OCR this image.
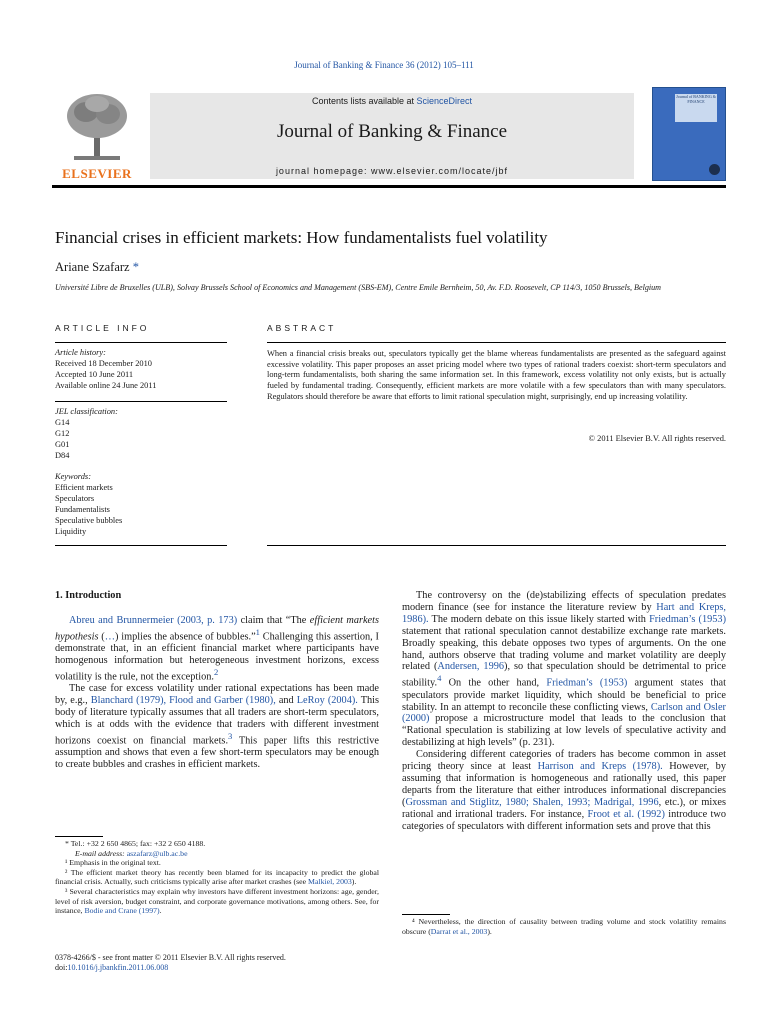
Journal of Banking & Finance 36 (2012) 105–111
ELSEVIER
Contents lists available at ScienceDirect
Journal of Banking & Finance
journal homepage: www.elsevier.com/locate/jbf
Journal of BANKING & FINANCE
Financial crises in efficient markets: How fundamentalists fuel volatility
Ariane Szafarz *
Université Libre de Bruxelles (ULB), Solvay Brussels School of Economics and Management (SBS-EM), Centre Emile Bernheim, 50, Av. F.D. Roosevelt, CP 114/3, 1050 Brussels, Belgium
ARTICLE INFO
Article history:
Received 18 December 2010
Accepted 10 June 2011
Available online 24 June 2011
JEL classification:
G14
G12
G01
D84
Keywords:
Efficient markets
Speculators
Fundamentalists
Speculative bubbles
Liquidity
ABSTRACT
When a financial crisis breaks out, speculators typically get the blame whereas fundamentalists are presented as the safeguard against excessive volatility. This paper proposes an asset pricing model where two types of rational traders coexist: short-term speculators and long-term fundamentalists, both sharing the same information set. In this framework, excess volatility not only exists, but is actually fueled by fundamental trading. Consequently, efficient markets are more volatile with a few speculators than with many speculators. Regulators should therefore be aware that efforts to limit rational speculation might, surprisingly, end up increasing volatility.
© 2011 Elsevier B.V. All rights reserved.
1. Introduction

Abreu and Brunnermeier (2003, p. 173) claim that “The efficient markets hypothesis (…) implies the absence of bubbles.”$^1$ Challenging this assertion, I demonstrate that, in an efficient financial market where participants have homogenous information but heterogeneous investment horizons, excess volatility is the rule, not the exception.$^2$

The case for excess volatility under rational expectations has been made by, e.g., Blanchard (1979), Flood and Garber (1980), and LeRoy (2004). This body of literature typically assumes that all traders are short-term speculators, which is at odds with the evidence that traders with different investment horizons coexist on financial markets.$^3$ This paper lifts this restrictive assumption and shows that even a few short-term speculators may be enough to create bubbles and crashes in efficient markets.

* Tel.: +32 2 650 4865; fax: +32 2 650 4188.
E-mail address: aszafarz@ulb.ac.be
¹ Emphasis in the original text.
² The efficient market theory has recently been blamed for its incapacity to predict the global financial crisis. Actually, such criticisms typically arise after market crashes (see Malkiel, 2003).
³ Several characteristics may explain why investors have different investment horizons: age, gender, level of risk aversion, budget constraint, and corporate governance motivations, among others. See, for instance, Bodie and Crane (1997).
0378-4266/$ - see front matter © 2011 Elsevier B.V. All rights reserved.
doi:10.1016/j.jbankfin.2011.06.008

The controversy on the (de)stabilizing effects of speculation predates modern finance (see for instance the literature review by Hart and Kreps, 1986). The modern debate on this issue likely started with Friedman’s (1953) statement that rational speculation cannot destabilize exchange rate markets. Broadly speaking, this debate opposes two types of arguments. On the one hand, authors observe that trading volume and market volatility are deeply related (Andersen, 1996), so that speculation should be detrimental to price stability.$^4$ On the other hand, Friedman’s (1953) argument states that speculators provide market liquidity, which should be beneficial to price stability. In an attempt to reconcile these conflicting views, Carlson and Osler (2000) propose a microstructure model that leads to the conclusion that “Rational speculation is stabilizing at low levels of speculative activity and destabilizing at high levels” (p. 231).

Considering different categories of traders has become common in asset pricing theory since at least Harrison and Kreps (1978). However, by assuming that information is homogeneous and rationally used, this paper departs from the literature that either introduces informational discrepancies (Grossman and Stiglitz, 1980; Shalen, 1993; Madrigal, 1996, etc.), or mixes rational and irrational traders. For instance, Froot et al. (1992) introduce two categories of speculators with different information sets and prove that this

⁴ Nevertheless, the direction of causality between trading volume and stock volatility remains obscure (Darrat et al., 2003).
